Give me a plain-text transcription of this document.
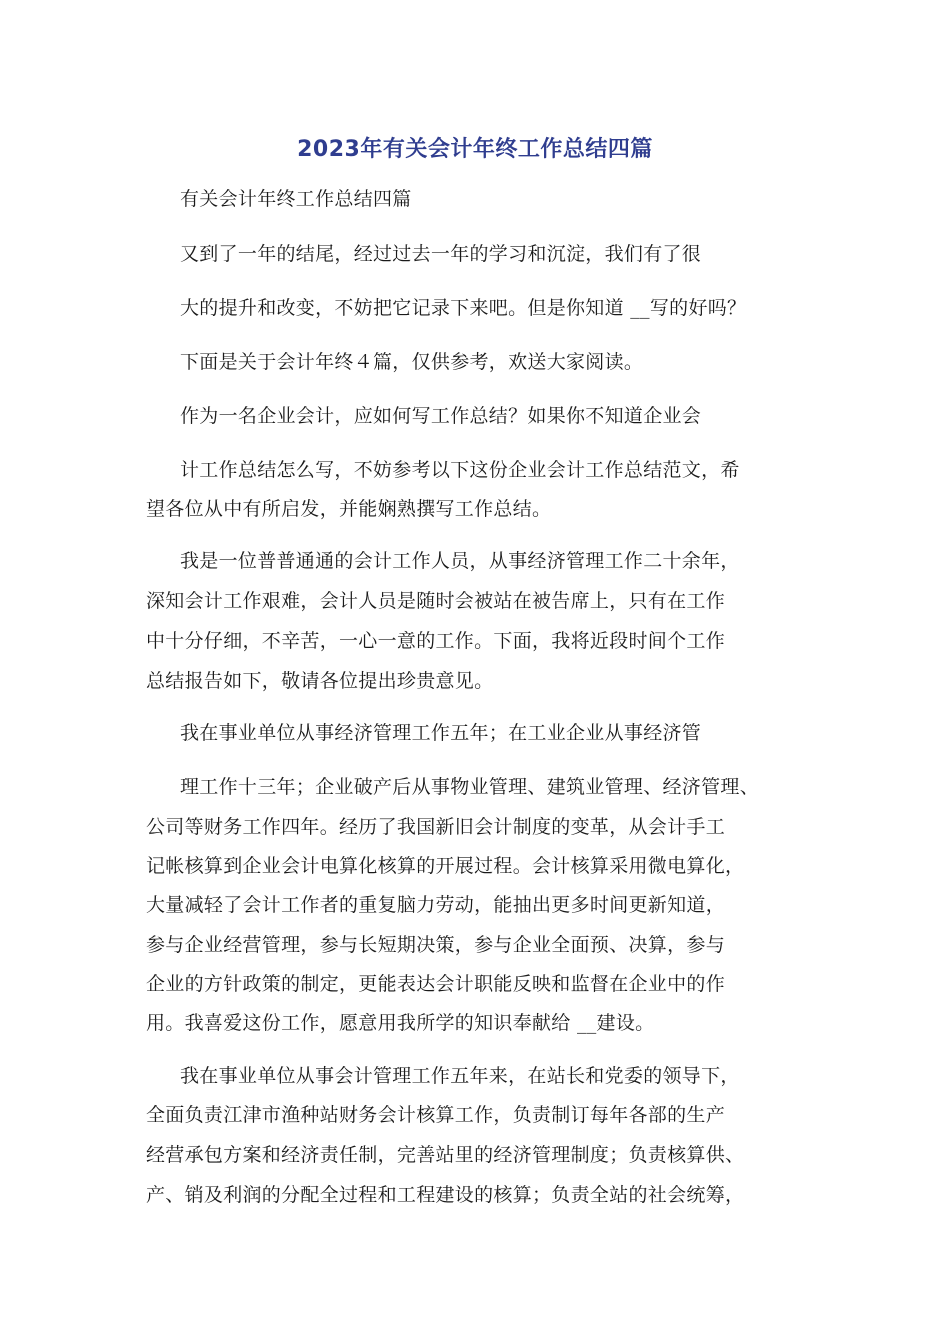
2023年有关会计年终工作总结四篇
有关会计年终工作总结四篇
又到了一年的结尾，经过过去一年的学习和沉淀，我们有了很
大的提升和改变，不妨把它记录下来吧。但是你知道 __写的好吗？
下面是关于会计年终４篇，仅供参考，欢送大家阅读。
作为一名企业会计，应如何写工作总结？如果你不知道企业会
计工作总结怎么写，不妨参考以下这份企业会计工作总结范文，希
望各位从中有所启发，并能娴熟撰写工作总结。
我是一位普普通通的会计工作人员，从事经济管理工作二十余年，
深知会计工作艰难，会计人员是随时会被站在被告席上，只有在工作
中十分仔细，不辛苦，一心一意的工作。下面，我将近段时间个工作
总结报告如下，敬请各位提出珍贵意见。
我在事业单位从事经济管理工作五年；在工业企业从事经济管
理工作十三年；企业破产后从事物业管理、建筑业管理、经济管理、
公司等财务工作四年。经历了我国新旧会计制度的变革，从会计手工
记帐核算到企业会计电算化核算的开展过程。会计核算采用微电算化，
大量减轻了会计工作者的重复脑力劳动，能抽出更多时间更新知道，
参与企业经营管理，参与长短期决策，参与企业全面预、决算，参与
企业的方针政策的制定，更能表达会计职能反映和监督在企业中的作
用。我喜爱这份工作，愿意用我所学的知识奉献给 __建设。
我在事业单位从事会计管理工作五年来，在站长和党委的领导下，
全面负责江津市渔种站财务会计核算工作，负责制订每年各部的生产
经营承包方案和经济责任制，完善站里的经济管理制度；负责核算供、
产、销及利润的分配全过程和工程建设的核算；负责全站的社会统筹，
